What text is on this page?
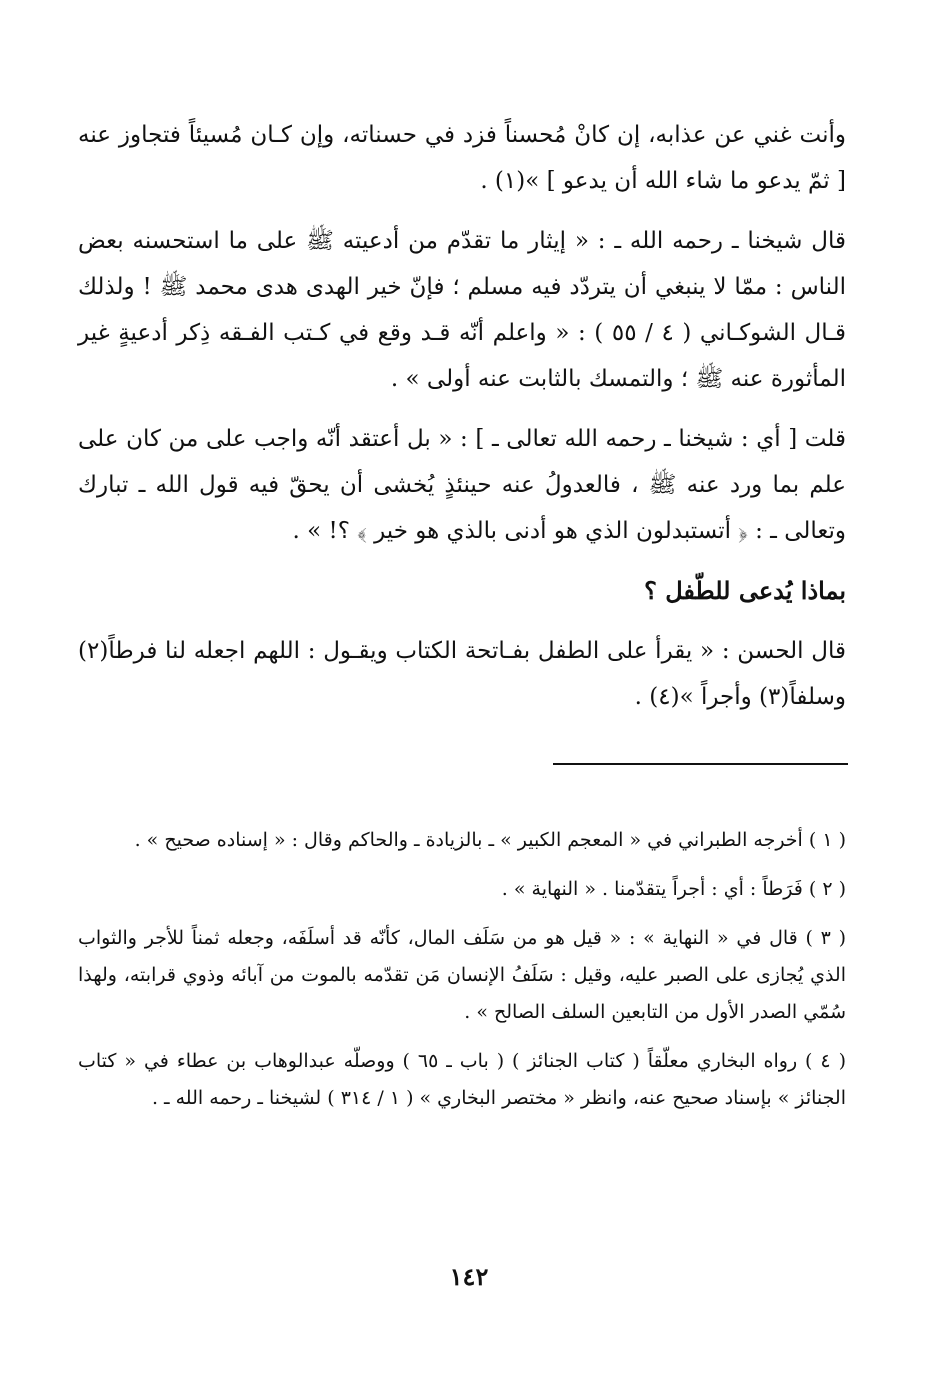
وأنت غني عن عذابه، إن كانْ مُحسناً فزد في حسناته، وإن كـان مُسيئاً فتجاوز عنه [ ثمّ يدعو ما شاء الله أن يدعو ] »(١) .

قال شيخنا ـ رحمه الله ـ : « إيثار ما تقدّم من أدعيته ﷺ على ما استحسنه بعض الناس : ممّا لا ينبغي أن يتردّد فيه مسلم ؛ فإنّ خير الهدى هدى محمد ﷺ ! ولذلك قـال الشوكـاني ( ٤ / ٥٥ ) : « واعلم أنّه قـد وقع في كـتب الفـقه ذِكر أدعيةٍ غير المأثورة عنه ﷺ ؛ والتمسك بالثابت عنه أولى » .

قلت [ أي : شيخنا ـ رحمه الله تعالى ـ ] : « بل أعتقد أنّه واجب على من كان على علم بما ورد عنه ﷺ ، فالعدولُ عنه حينئذٍ يُخشى أن يحقّ فيه قول الله ـ تبارك وتعالى ـ : ﴿ أتستبدلون الذي هو أدنى بالذي هو خير ﴾ ؟! » .

بماذا يُدعى للطّفل ؟

قال الحسن : « يقرأ على الطفل بفـاتحة الكتاب ويقـول : اللهم اجعله لنا فرطاً(٢) وسلفاً(٣) وأجراً »(٤) .

( ١ ) أخرجه الطبراني في « المعجم الكبير » ـ بالزيادة ـ والحاكم وقال : « إسناده صحيح » .

( ٢ ) فَرَطاً : أي : أجراً يتقدّمنا . « النهاية » .

( ٣ ) قال في « النهاية » : « قيل هو من سَلَف المال، كأنّه قد أسلَفَه، وجعله ثمناً للأجر والثواب الذي يُجازى على الصبر عليه، وقيل : سَلَفُ الإنسان مَن تقدّمه بالموت من آبائه وذوي قرابته، ولهذا سُمّي الصدر الأول من التابعين السلف الصالح » .

( ٤ ) رواه البخاري معلّقاً ( كتاب الجنائز ) ( باب ـ ٦٥ ) ووصلّه عبدالوهاب بن عطاء في « كتاب الجنائز » بإسناد صحيح عنه، وانظر « مختصر البخاري » ( ١ / ٣١٤ ) لشيخنا ـ رحمه الله ـ .

١٤٢
